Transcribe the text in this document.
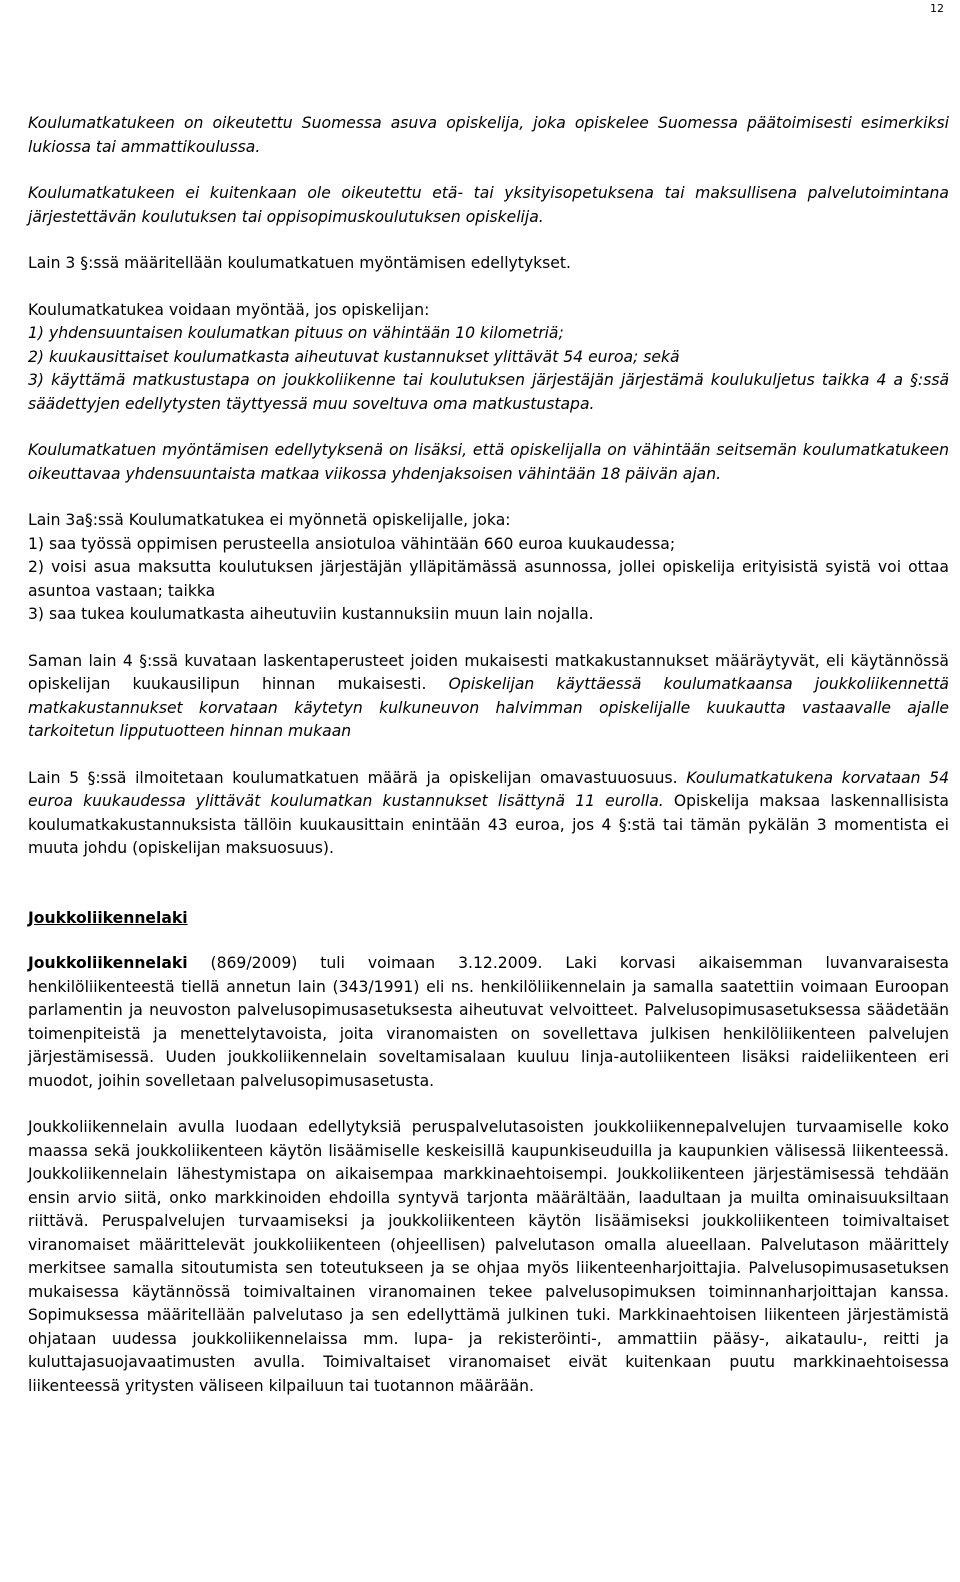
12

Koulumatkatukeen on oikeutettu Suomessa asuva opiskelija, joka opiskelee Suomessa päätoimisesti esimerkiksi lukiossa tai ammattikoulussa.

Koulumatkatukeen ei kuitenkaan ole oikeutettu etä- tai yksityisopetuksena tai maksullisena palvelutoimintana järjestettävän koulutuksen tai oppisopimuskoulutuksen opiskelija.

Lain 3 §:ssä määritellään koulumatkatuen myöntämisen edellytykset.

Koulumatkatukea voidaan myöntää, jos opiskelijan:

1) yhdensuuntaisen koulumatkan pituus on vähintään 10 kilometriä;

2) kuukausittaiset koulumatkasta aiheutuvat kustannukset ylittävät 54 euroa; sekä

3) käyttämä matkustustapa on joukkoliikenne tai koulutuksen järjestäjän järjestämä koulukuljetus taikka 4 a §:ssä säädettyjen edellytysten täyttyessä muu soveltuva oma matkustustapa.

Koulumatkatuen myöntämisen edellytyksenä on lisäksi, että opiskelijalla on vähintään seitsemän koulumatkatukeen oikeuttavaa yhdensuuntaista matkaa viikossa yhdenjaksoisen vähintään 18 päivän ajan.

Lain 3a§:ssä Koulumatkatukea ei myönnetä opiskelijalle, joka:

1) saa työssä oppimisen perusteella ansiotuloa vähintään 660 euroa kuukaudessa;

2) voisi asua maksutta koulutuksen järjestäjän ylläpitämässä asunnossa, jollei opiskelija erityisistä syistä voi ottaa asuntoa vastaan; taikka

3) saa tukea koulumatkasta aiheutuviin kustannuksiin muun lain nojalla.

Saman lain 4 §:ssä kuvataan laskentaperusteet joiden mukaisesti matkakustannukset määräytyvät, eli käytännössä opiskelijan kuukausilipun hinnan mukaisesti. Opiskelijan käyttäessä koulumatkaansa joukkoliikennettä matkakustannukset korvataan käytetyn kulkuneuvon halvimman opiskelijalle kuukautta vastaavalle ajalle tarkoitetun lipputuotteen hinnan mukaan

Lain 5 §:ssä ilmoitetaan koulumatkatuen määrä ja opiskelijan omavastuuosuus. Koulumatkatukena korvataan 54 euroa kuukaudessa ylittävät koulumatkan kustannukset lisättynä 11 eurolla. Opiskelija maksaa laskennallisista koulumatkakustannuksista tällöin kuukausittain enintään 43 euroa, jos 4 §:stä tai tämän pykälän 3 momentista ei muuta johdu (opiskelijan maksuosuus).

Joukkoliikennelaki

Joukkoliikennelaki (869/2009) tuli voimaan 3.12.2009. Laki korvasi aikaisemman luvanvaraisesta henkilöliikenteestä tiellä annetun lain (343/1991) eli ns. henkilöliikennelain ja samalla saatettiin voimaan Euroopan parlamentin ja neuvoston palvelusopimusasetuksesta aiheutuvat velvoitteet. Palvelusopimusasetuksessa säädetään toimenpiteistä ja menettelytavoista, joita viranomaisten on sovellettava julkisen henkilöliikenteen palvelujen järjestämisessä. Uuden joukkoliikennelain soveltamisalaan kuuluu linja-autoliikenteen lisäksi raideliikenteen eri muodot, joihin sovelletaan palvelusopimusasetusta.

Joukkoliikennelain avulla luodaan edellytyksiä peruspalvelutasoisten joukkoliikennepalvelujen turvaamiselle koko maassa sekä joukkoliikenteen käytön lisäämiselle keskeisillä kaupunkiseuduilla ja kaupunkien välisessä liikenteessä. Joukkoliikennelain lähestymistapa on aikaisempaa markkinaehtoisempi. Joukkoliikenteen järjestämisessä tehdään ensin arvio siitä, onko markkinoiden ehdoilla syntyvä tarjonta määrältään, laadultaan ja muilta ominaisuuksiltaan riittävä. Peruspalvelujen turvaamiseksi ja joukkoliikenteen käytön lisäämiseksi joukkoliikenteen toimivaltaiset viranomaiset määrittelevät joukkoliikenteen (ohjeellisen) palvelutason omalla alueellaan. Palvelutason määrittely merkitsee samalla sitoutumista sen toteutukseen ja se ohjaa myös liikenteenharjoittajia. Palvelusopimusasetuksen mukaisessa käytännössä toimivaltainen viranomainen tekee palvelusopimuksen toiminnanharjoittajan kanssa. Sopimuksessa määritellään palvelutaso ja sen edellyttämä julkinen tuki. Markkinaehtoisen liikenteen järjestämistä ohjataan uudessa joukkoliikennelaissa mm. lupa- ja rekisteröinti-, ammattiin pääsy-, aikataulu-, reitti ja kuluttajasuojavaatimusten avulla. Toimivaltaiset viranomaiset eivät kuitenkaan puutu markkinaehtoisessa liikenteessä yritysten väliseen kilpailuun tai tuotannon määrään.
